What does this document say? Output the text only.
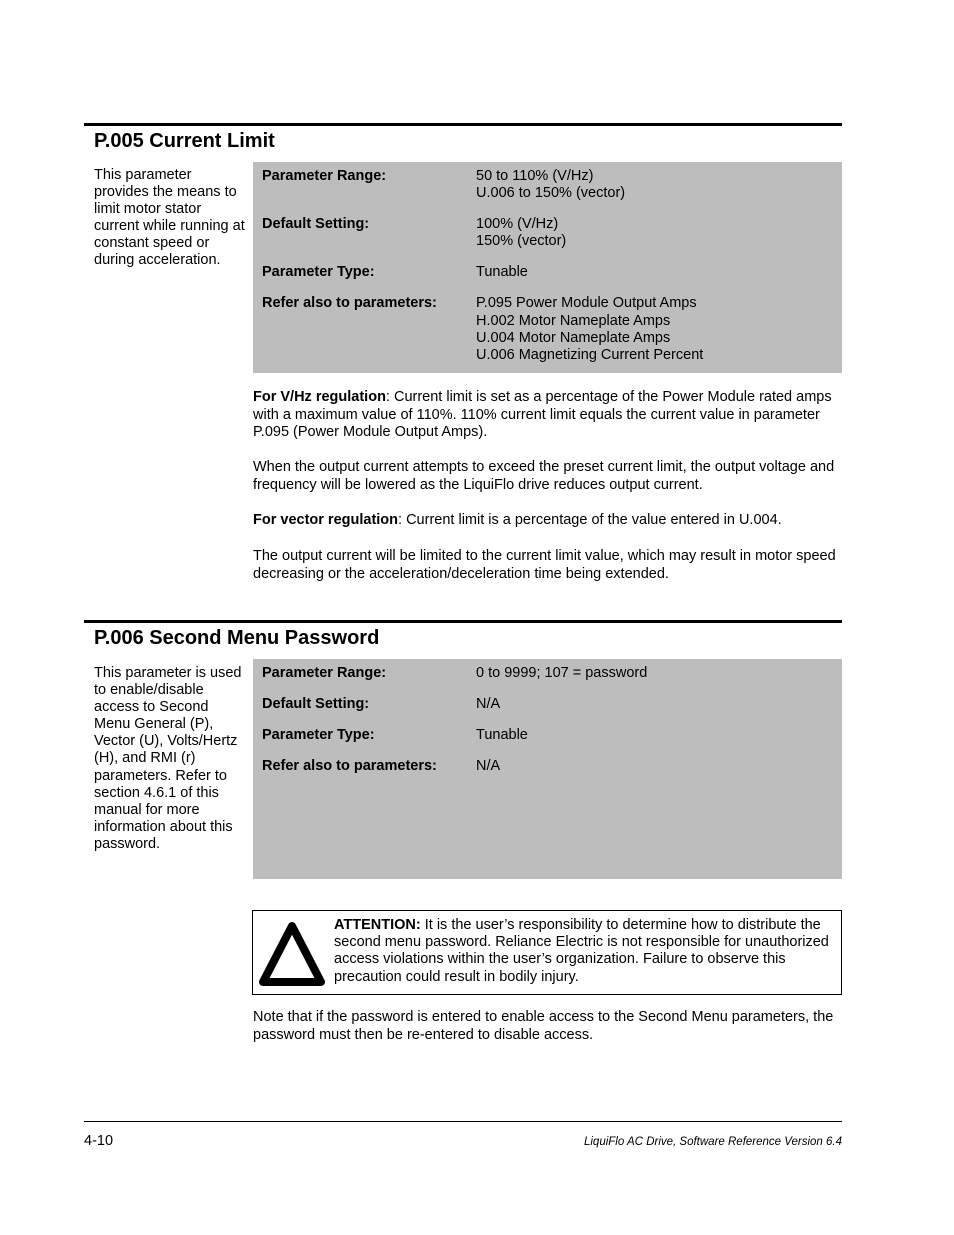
P.005 Current Limit
This parameter provides the means to limit motor stator current while running at constant speed or during acceleration.
Parameter Range:	50 to 110% (V/Hz)
U.006 to 150% (vector)
Default Setting:	100% (V/Hz)
150% (vector)
Parameter Type:	Tunable
Refer also to parameters:	P.095 Power Module Output Amps
H.002 Motor Nameplate Amps
U.004 Motor Nameplate Amps
U.006 Magnetizing Current Percent

For V/Hz regulation: Current limit is set as a percentage of the Power Module rated amps with a maximum value of 110%. 110% current limit equals the current value in parameter P.095 (Power Module Output Amps).

When the output current attempts to exceed the preset current limit, the output voltage and frequency will be lowered as the LiquiFlo drive reduces output current.

For vector regulation: Current limit is a percentage of the value entered in U.004.

The output current will be limited to the current limit value, which may result in motor speed decreasing or the acceleration/deceleration time being extended.

P.006 Second Menu Password
This parameter is used to enable/disable access to Second Menu General (P), Vector (U), Volts/Hertz (H), and RMI (r) parameters. Refer to section 4.6.1 of this manual for more information about this password.
Parameter Range:	0 to 9999; 107 = password
Default Setting:	N/A
Parameter Type:	Tunable
Refer also to parameters:	N/A
ATTENTION: It is the user’s responsibility to determine how to distribute the second menu password. Reliance Electric is not responsible for unauthorized access violations within the user’s organization. Failure to observe this precaution could result in bodily injury.

Note that if the password is entered to enable access to the Second Menu parameters, the password must then be re-entered to disable access.

4-10	LiquiFlo AC Drive, Software Reference Version 6.4
